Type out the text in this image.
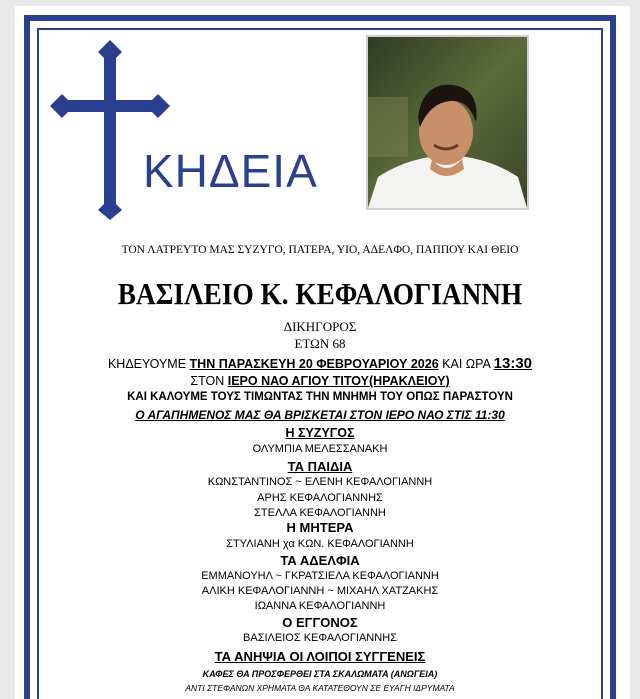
ΚΗΔΕΙΑ
ΤΟΝ ΛΑΤΡΕΥΤΟ ΜΑΣ ΣΥΖΥΓΟ, ΠΑΤΕΡΑ, ΥΙΟ, ΑΔΕΛΦΟ, ΠΑΠΠΟΥ ΚΑΙ ΘΕΙΟ
ΒΑΣΙΛΕΙΟ Κ. ΚΕΦΑΛΟΓΙΑΝΝΗ
ΔΙΚΗΓΟΡΟΣ
ΕΤΩΝ 68
ΚΗΔΕΥΟΥΜΕ ΤΗΝ ΠΑΡΑΣΚΕΥΗ 20 ΦΕΒΡΟΥΑΡΙΟΥ 2026 ΚΑΙ ΩΡΑ 13:30
ΣΤΟΝ ΙΕΡΟ ΝΑΟ ΑΓΙΟΥ ΤΙΤΟΥ(ΗΡΑΚΛΕΙΟΥ)
ΚΑΙ ΚΑΛΟΥΜΕ ΤΟΥΣ ΤΙΜΩΝΤΑΣ ΤΗΝ ΜΝΗΜΗ ΤΟΥ ΟΠΩΣ ΠΑΡΑΣΤΟΥΝ
Ο ΑΓΑΠΗΜΕΝΟΣ ΜΑΣ ΘΑ ΒΡΙΣΚΕΤΑΙ ΣΤΟΝ ΙΕΡΟ ΝΑΟ ΣΤΙΣ 11:30
Η ΣΥΖΥΓΟΣ
ΟΛΥΜΠΙΑ ΜΕΛΕΣΣΑΝΑΚΗ
ΤΑ ΠΑΙΔΙΑ
ΚΩΝΣΤΑΝΤΙΝΟΣ ~ ΕΛΕΝΗ ΚΕΦΑΛΟΓΙΑΝΝΗ
ΑΡΗΣ ΚΕΦΑΛΟΓΙΑΝΝΗΣ
ΣΤΕΛΛΑ ΚΕΦΑΛΟΓΙΑΝΝΗ
Η ΜΗΤΕΡΑ
ΣΤΥΛΙΑΝΗ χα ΚΩΝ. ΚΕΦΑΛΟΓΙΑΝΝΗ
ΤΑ ΑΔΕΛΦΙΑ
ΕΜΜΑΝΟΥΗΛ ~ ΓΚΡΑΤΣΙΕΛΑ ΚΕΦΑΛΟΓΙΑΝΝΗ
ΑΛΙΚΗ ΚΕΦΑΛΟΓΙΑΝΝΗ ~ ΜΙΧΑΗΛ ΧΑΤΖΑΚΗΣ
ΙΩΑΝΝΑ ΚΕΦΑΛΟΓΙΑΝΝΗ
Ο ΕΓΓΟΝΟΣ
ΒΑΣΙΛΕΙΟΣ ΚΕΦΑΛΟΓΙΑΝΝΗΣ
ΤΑ ΑΝΗΨΙΑ ΟΙ ΛΟΙΠΟΙ ΣΥΓΓΕΝΕΙΣ
ΚΑΦΕΣ ΘΑ ΠΡΟΣΦΕΡΘΕΙ ΣΤΑ ΣΚΑΛΩΜΑΤΑ (ΑΝΩΓΕΙΑ)
ΑΝΤΙ ΣΤΕΦΑΝΩΝ ΧΡΗΜΑΤΑ ΘΑ ΚΑΤΑΤΕΘΟΥΝ ΣΕ ΕΥΑΓΗ ΙΔΡΥΜΑΤΑ
